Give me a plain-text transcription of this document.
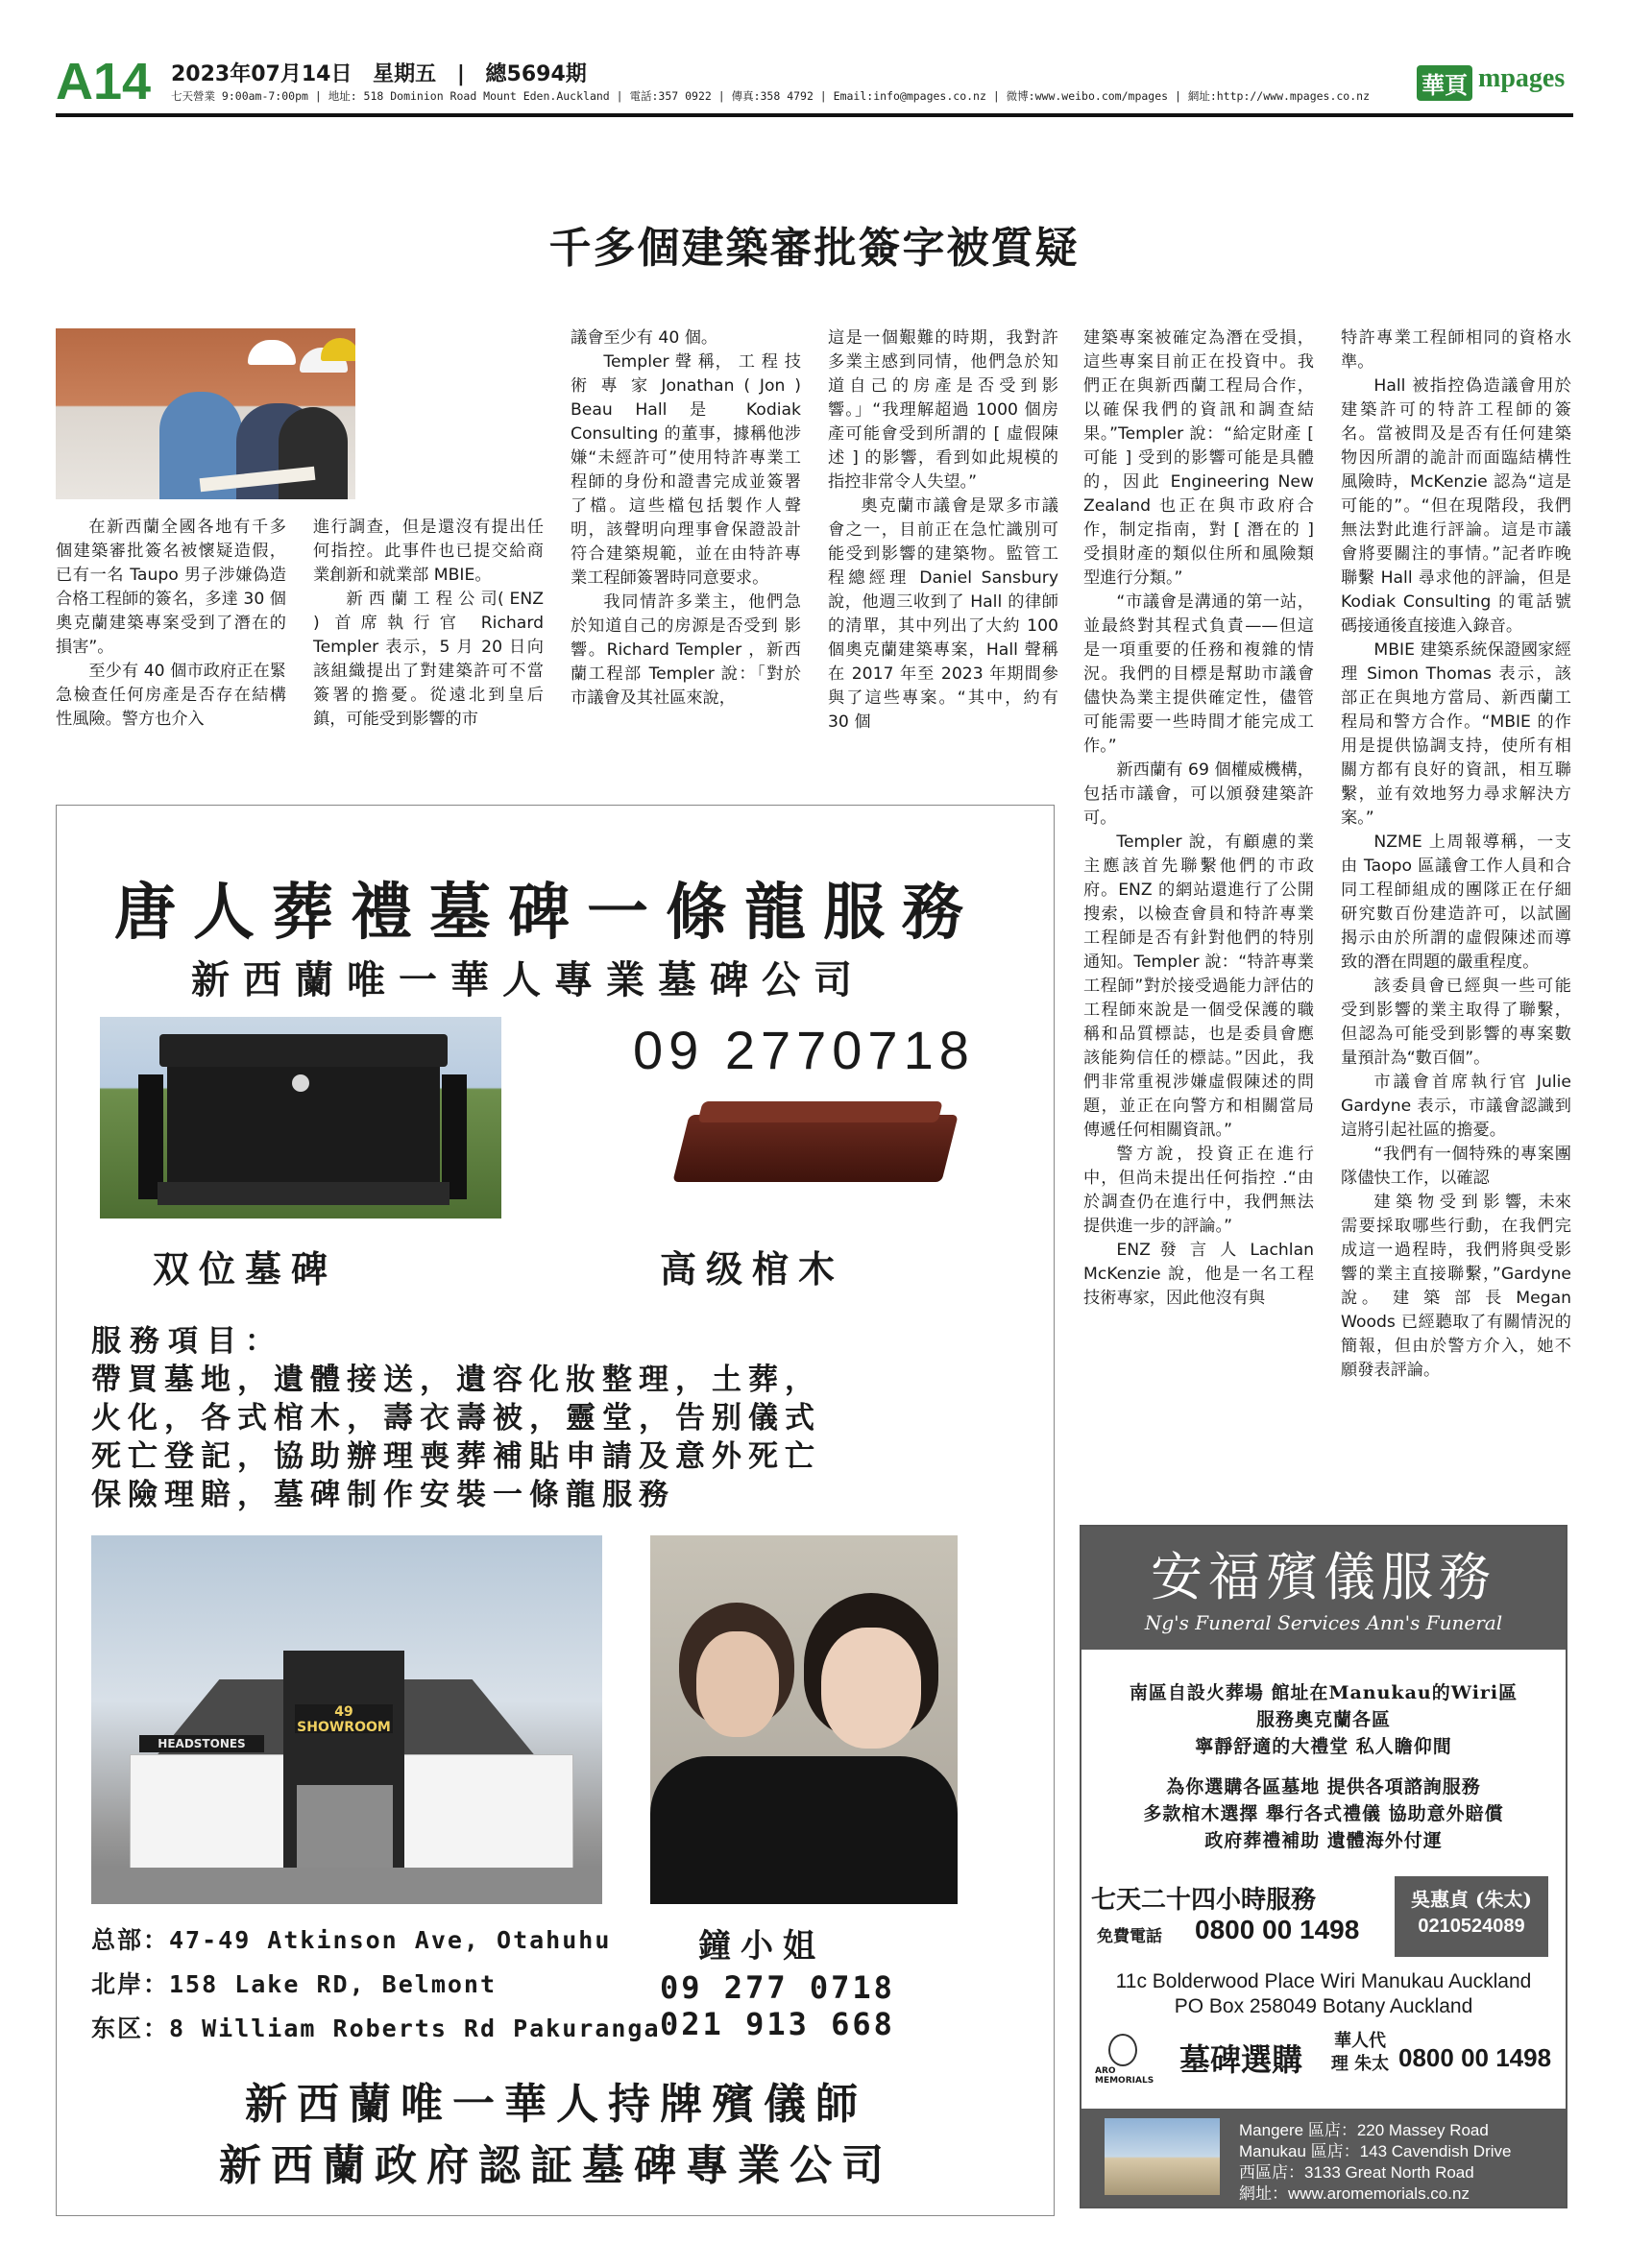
A14 2023年07月14日 星期五 | 總5694期
七天營業 9:00am-7:00pm | 地址: 518 Dominion Road Mount Eden.Auckland | 電話:357 0922 | 傳真:358 4792 | Email:info@mpages.co.nz | 微博:www.weibo.com/mpages | 網址:http://www.mpages.co.nz 華頁 mpages
千多個建築審批簽字被質疑

在新西蘭全國各地有千多個建築審批簽名被懷疑造假，已有一名 Taupo 男子涉嫌偽造合格工程師的簽名，多達 30 個奧克蘭建築專案受到了潛在的損害”。

至少有 40 個市政府正在緊急檢查任何房產是否存在結構性風險。警方也介入

進行調查，但是還沒有提出任何指控。此事件也已提交給商業創新和就業部 MBIE。

新 西 蘭 工 程 公 司( ENZ ) 首席執行官 Richard Templer 表示，5 月 20 日向該組織提出了對建築許可不當簽署的擔憂。從遠北到皇后鎮，可能受到影響的市

議會至少有 40 個。

Templer 聲 稱， 工 程 技 術 專 家 Jonathan ( Jon ) Beau Hall 是 Kodiak Consulting 的董事，據稱他涉嫌“未經許可”使用特許專業工程師的身份和證書完成並簽署了檔。這些檔包括製作人聲明，該聲明向理事會保證設計符合建築規範，並在由特許專業工程師簽署時同意要求。

我同情許多業主，他們急於知道自己的房源是否受到 影 響。Richard Templer ，新西蘭工程部 Templer 說：「對於市議會及其社區來說，

這是一個艱難的時期，我對許多業主感到同情，他們急於知道自己的房產是否受到影響。」“我理解超過 1000 個房產可能會受到所謂的 [ 虛假陳述 ] 的影響，看到如此規模的指控非常令人失望。”

奧克蘭市議會是眾多市議會之一，目前正在急忙識別可能受到影響的建築物。監管工程總經理 Daniel Sansbury 說，他週三收到了 Hall 的律師的清單，其中列出了大約 100 個奧克蘭建築專案，Hall 聲稱在 2017 年至 2023 年期間參與了這些專案。“其中，約有 30 個

建築專案被確定為潛在受損，這些專案目前正在投資中。我們正在與新西蘭工程局合作，以確保我們的資訊和調查結果。”Templer 說：“給定財產 [ 可能 ] 受到的影響可能是具體的，因此 Engineering New Zealand 也正在與市政府合作，制定指南，對 [ 潛在的 ] 受損財產的類似住所和風險類型進行分類。”

“市議會是溝通的第一站，並最終對其程式負責——但這是一項重要的任務和複雜的情況。我們的目標是幫助市議會儘快為業主提供確定性，儘管可能需要一些時間才能完成工作。”

新西蘭有 69 個權威機構，包括市議會，可以頒發建築許可。

Templer 說，有顧慮的業主應該首先聯繫他們的市政府。ENZ 的網站還進行了公開搜索，以檢查會員和特許專業工程師是否有針對他們的特別通知。Templer 說：“特許專業工程師”對於接受過能力評估的工程師來說是一個受保護的職稱和品質標誌，也是委員會應該能夠信任的標誌。”因此，我們非常重視涉嫌虛假陳述的問題，並正在向警方和相關當局傳遞任何相關資訊。”

警方說，投資正在進行中，但尚未提出任何指控 .“由於調查仍在進行中，我們無法提供進一步的評論。”

ENZ 發 言 人 Lachlan McKenzie 說，他是一名工程技術專家，因此他沒有與

特許專業工程師相同的資格水準。

Hall 被指控偽造議會用於建築許可的特許工程師的簽名。當被問及是否有任何建築物因所謂的詭計而面臨結構性風險時，McKenzie 認為“這是可能的”。“但在現階段，我們無法對此進行評論。這是市議會將要關注的事情。”記者昨晚聯繫 Hall 尋求他的評論，但是 Kodiak Consulting 的電話號碼接通後直接進入錄音。

MBIE 建築系統保證國家經理 Simon Thomas 表示，該部正在與地方當局、新西蘭工程局和警方合作。“MBIE 的作用是提供協調支持，使所有相關方都有良好的資訊，相互聯繫，並有效地努力尋求解決方案。”

NZME 上周報導稱，一支由 Taopo 區議會工作人員和合同工程師組成的團隊正在仔細研究數百份建造許可，以試圖揭示由於所謂的虛假陳述而導致的潛在問題的嚴重程度。

該委員會已經與一些可能受到影響的業主取得了聯繫，但認為可能受到影響的專案數量預計為“數百個”。

市議會首席執行官 Julie Gardyne 表示，市議會認識到這將引起社區的擔憂。

“我們有一個特殊的專案團隊儘快工作，以確認

建 築 物 受 到 影 響，未來需要採取哪些行動，在我們完成這一過程時，我們將與受影響的業主直接聯繫，”Gardyne 說。 建 築 部 長 Megan Woods 已經聽取了有關情況的簡報，但由於警方介入，她不願發表評論。

唐人葬禮墓碑一條龍服務
新西蘭唯一華人專業墓碑公司
09 2770718
双位墓碑	高级棺木
服務項目：
帶買墓地，遺體接送，遺容化妝整理，土葬，
火化，各式棺木，壽衣壽被，靈堂，告别儀式
死亡登記，協助辦理喪葬補貼申請及意外死亡
保險理賠，墓碑制作安裝一條龍服務
49
SHOWROOM
HEADSTONES
总部：47-49 Atkinson Ave, Otahuhu
北岸：158 Lake RD, Belmont
东区：8 William Roberts Rd Pakuranga
鐘小姐
09 277 0718
021 913 668
新西蘭唯一華人持牌殯儀師
新西蘭政府認証墓碑專業公司
安福殯儀服務
Ng's Funeral Services Ann's Funeral
南區自設火葬場 館址在Manukau的Wiri區
服務奧克蘭各區
寧靜舒適的大禮堂 私人瞻仰間
為你選購各區墓地 提供各項諮詢服務
多款棺木選擇 舉行各式禮儀 協助意外賠償
政府葬禮補助 遺體海外付運
七天二十四小時服務
免費電話 0800 00 1498
吳惠貞 (朱太)
0210524089
11c Bolderwood Place Wiri Manukau Auckland
PO Box 258049 Botany Auckland
ARO MEMORIALS
墓碑選購
華人代理 朱太 0800 00 1498
Mangere 區店：220 Massey Road
Manukau 區店：143 Cavendish Drive
西區店：3133 Great North Road
網址：www.aromemorials.co.nz
